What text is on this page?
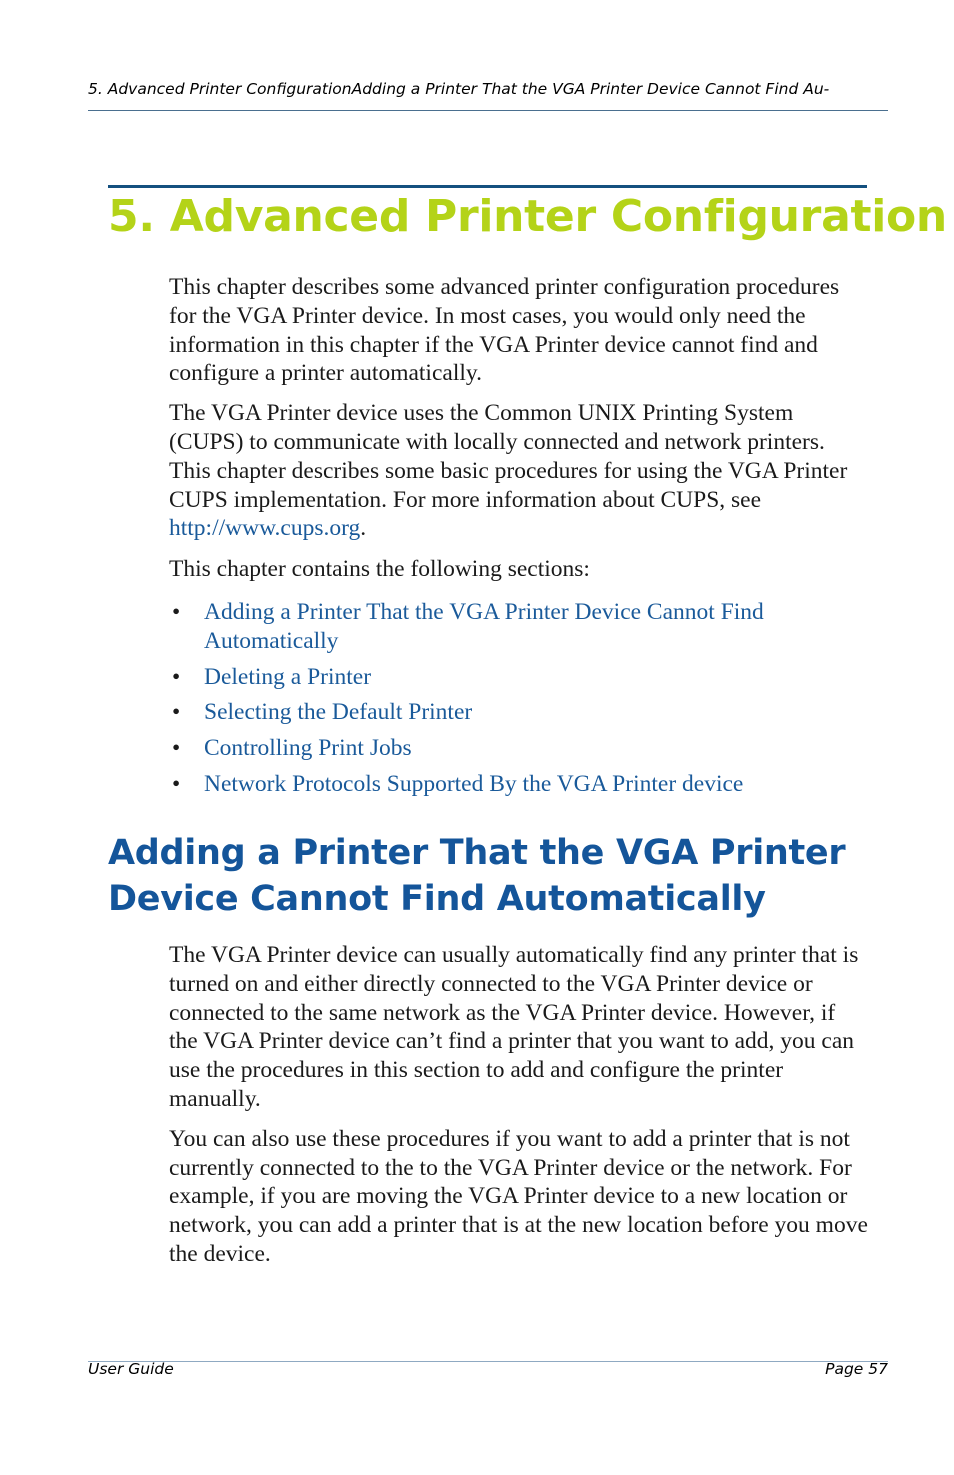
5. Advanced Printer ConfigurationAdding a Printer That the VGA Printer Device Cannot Find Au-
5. Advanced Printer Configuration

This chapter describes some advanced printer configuration procedures for the VGA Printer device. In most cases, you would only need the information in this chapter if the VGA Printer device cannot find and configure a printer automatically.

The VGA Printer device uses the Common UNIX Printing System (CUPS) to communicate with locally connected and network printers. This chapter describes some basic procedures for using the VGA Printer CUPS implementation. For more information about CUPS, see http://www.cups.org.

This chapter contains the following sections:

• Adding a Printer That the VGA Printer Device Cannot Find Automatically
• Deleting a Printer
• Selecting the Default Printer
• Controlling Print Jobs
• Network Protocols Supported By the VGA Printer device
Adding a Printer That the VGA Printer Device Cannot Find Automatically

The VGA Printer device can usually automatically find any printer that is turned on and either directly connected to the VGA Printer device or connected to the same network as the VGA Printer device. However, if the VGA Printer device can’t find a printer that you want to add, you can use the procedures in this section to add and configure the printer manually.

You can also use these procedures if you want to add a printer that is not currently connected to the to the VGA Printer device or the network. For example, if you are moving the VGA Printer device to a new location or network, you can add a printer that is at the new location before you move the device.

User Guide	Page 57
